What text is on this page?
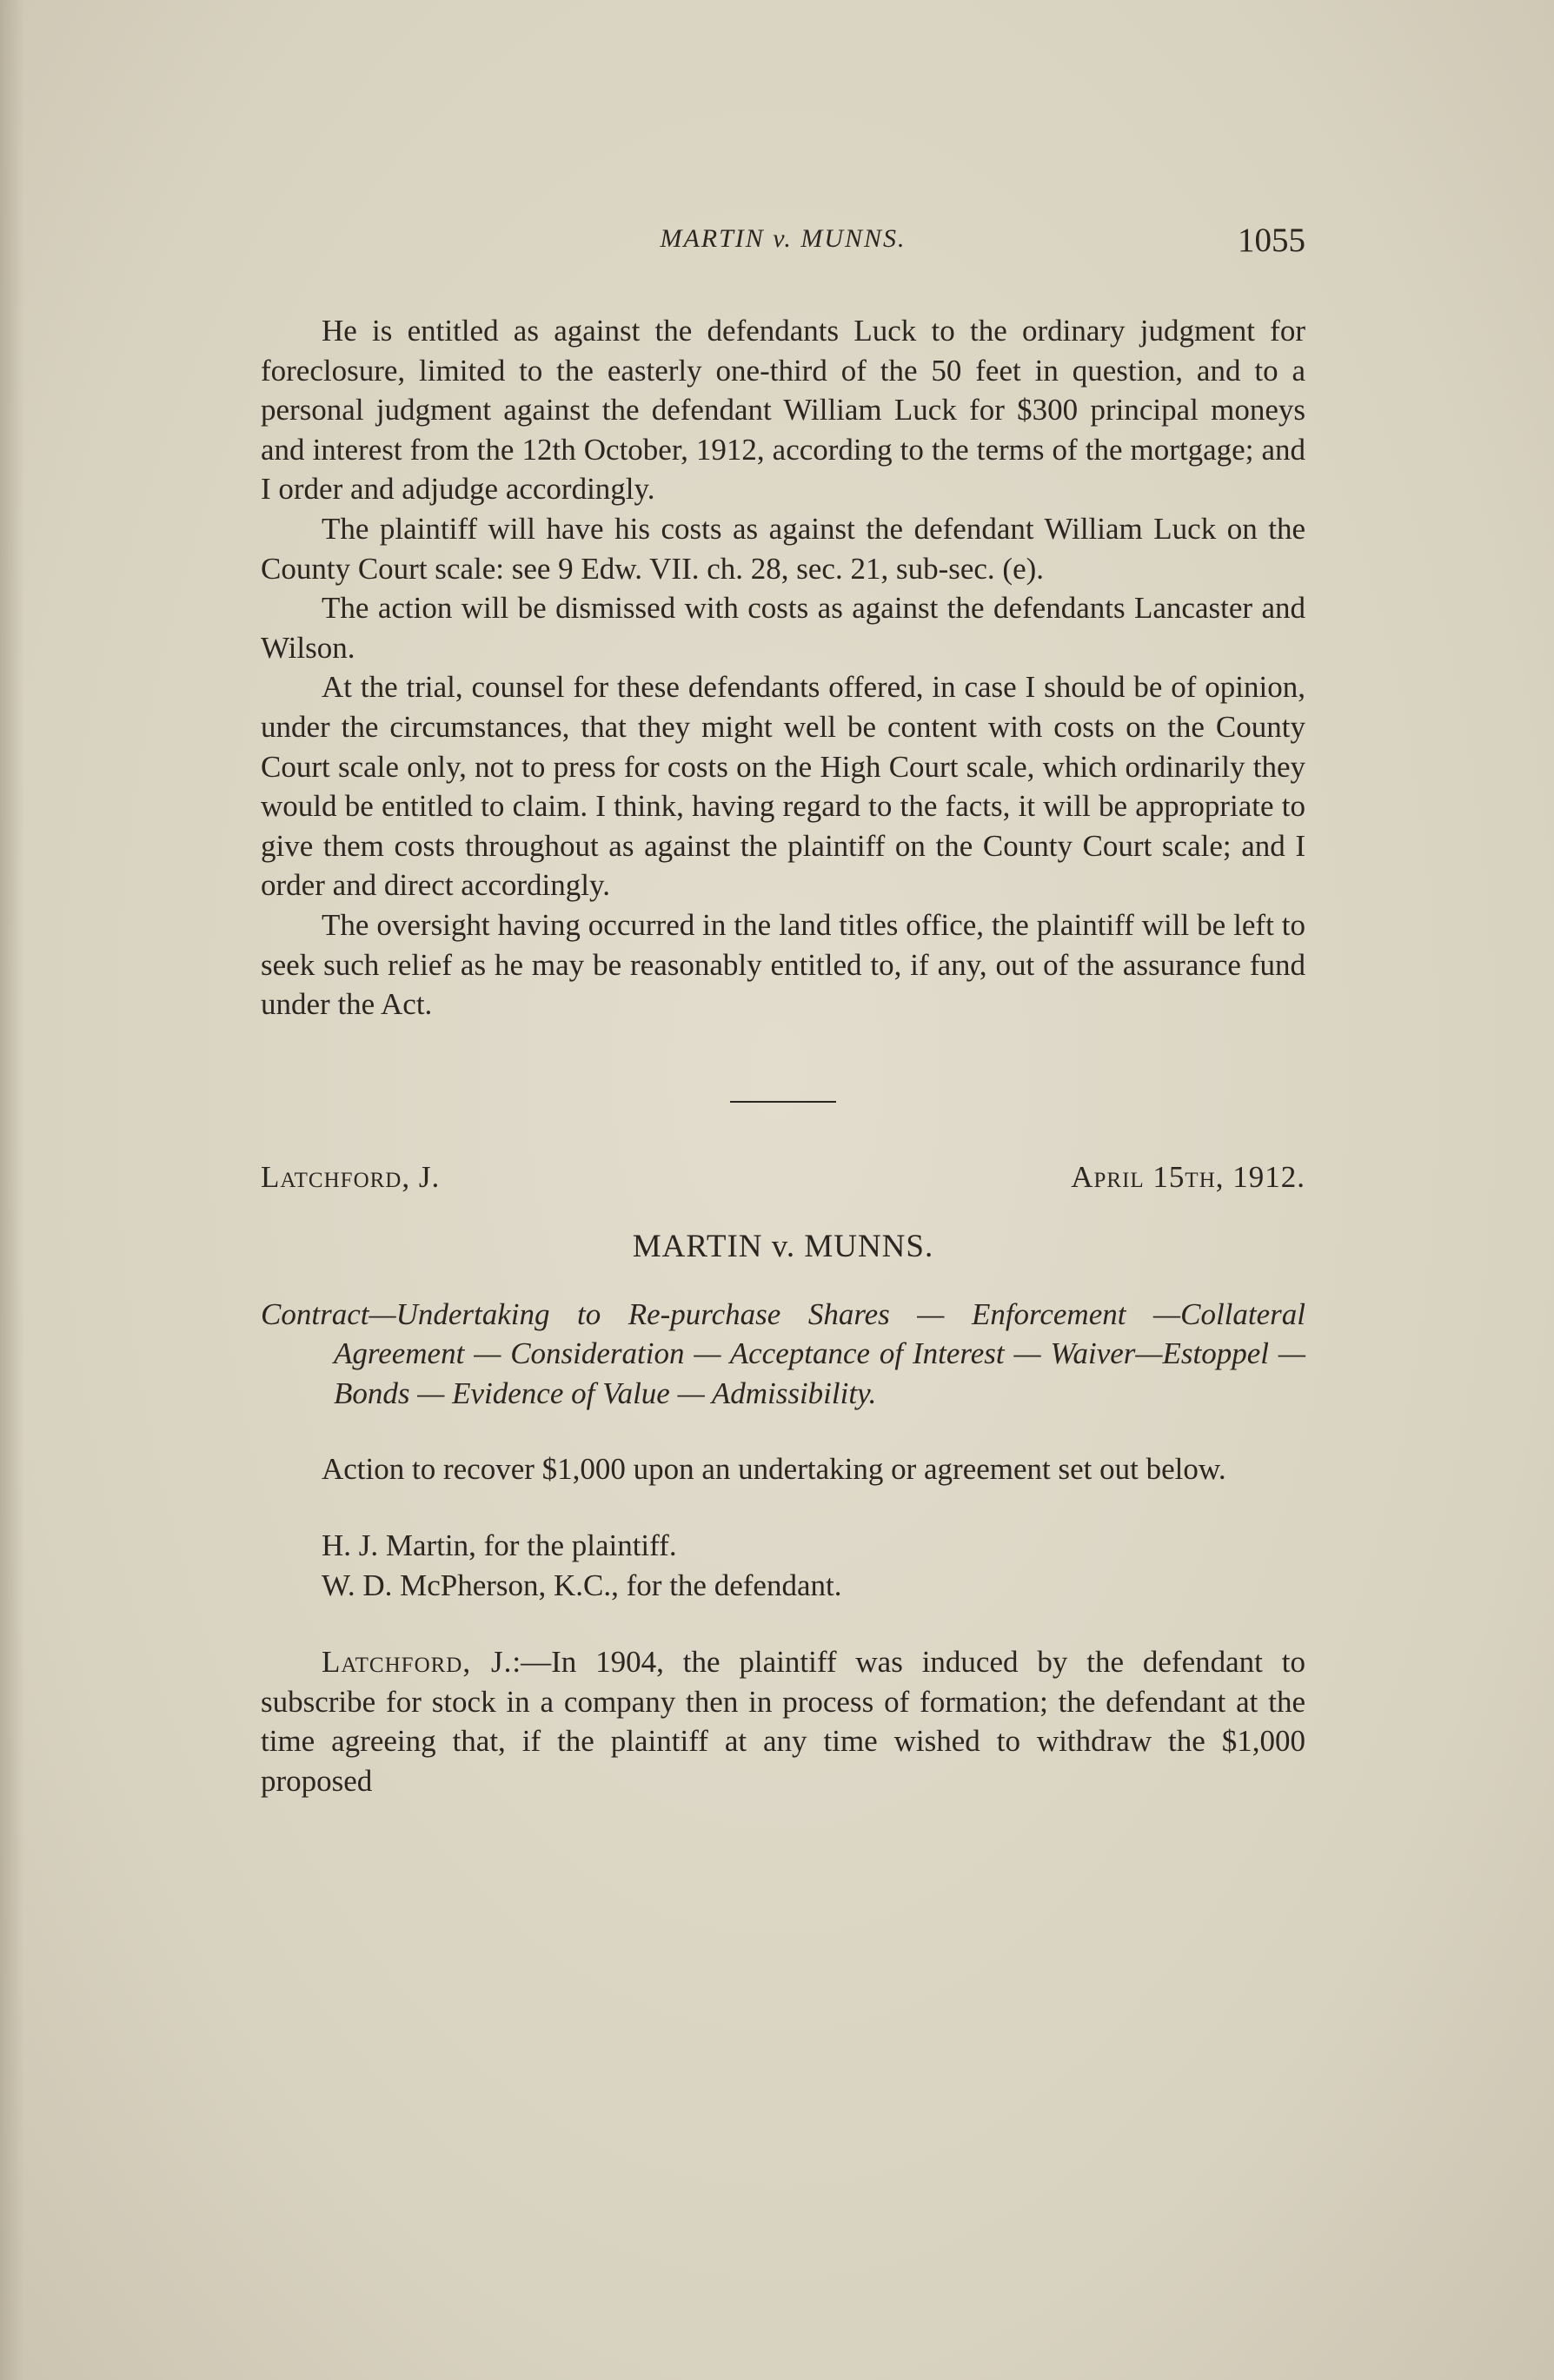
MARTIN v. MUNNS.	1055

He is entitled as against the defendants Luck to the ordinary judgment for foreclosure, limited to the easterly one-third of the 50 feet in question, and to a personal judgment against the defendant William Luck for $300 principal moneys and interest from the 12th October, 1912, according to the terms of the mortgage; and I order and adjudge accordingly.

The plaintiff will have his costs as against the defendant William Luck on the County Court scale: see 9 Edw. VII. ch. 28, sec. 21, sub-sec. (e).

The action will be dismissed with costs as against the defendants Lancaster and Wilson.

At the trial, counsel for these defendants offered, in case I should be of opinion, under the circumstances, that they might well be content with costs on the County Court scale only, not to press for costs on the High Court scale, which ordinarily they would be entitled to claim. I think, having regard to the facts, it will be appropriate to give them costs throughout as against the plaintiff on the County Court scale; and I order and direct accordingly.

The oversight having occurred in the land titles office, the plaintiff will be left to seek such relief as he may be reasonably entitled to, if any, out of the assurance fund under the Act.

Latchford, J.	April 15th, 1912.
MARTIN v. MUNNS.
Contract—Undertaking to Re-purchase Shares — Enforcement —Collateral Agreement — Consideration — Acceptance of Interest — Waiver—Estoppel — Bonds — Evidence of Value — Admissibility.

Action to recover $1,000 upon an undertaking or agreement set out below.

H. J. Martin, for the plaintiff.
W. D. McPherson, K.C., for the defendant.

Latchford, J.:—In 1904, the plaintiff was induced by the defendant to subscribe for stock in a company then in process of formation; the defendant at the time agreeing that, if the plaintiff at any time wished to withdraw the $1,000 proposed
